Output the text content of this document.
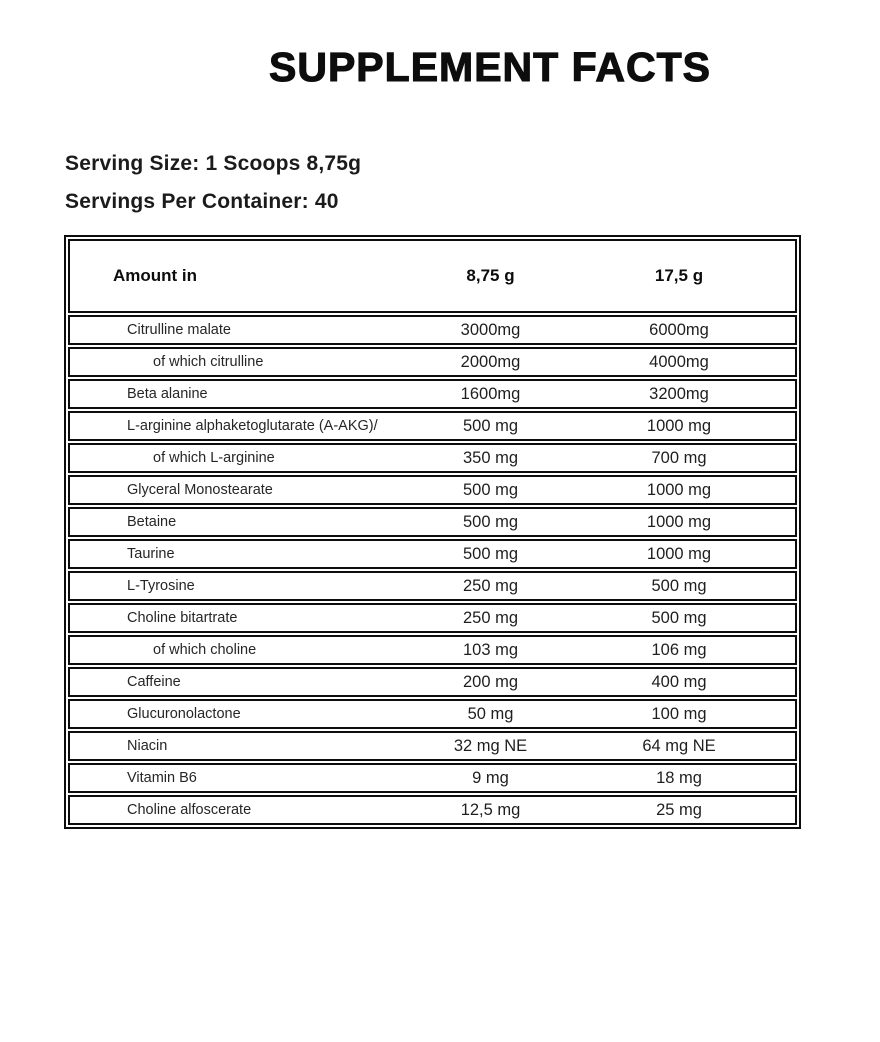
SUPPLEMENT FACTS
Serving Size: 1 Scoops 8,75g
Servings Per Container: 40
Amount in	8,75 g	17,5 g
Citrulline malate	3000mg	6000mg
of which citrulline	2000mg	4000mg
Beta alanine	1600mg	3200mg
L-arginine alphaketoglutarate (A-AKG)/	500 mg	1000 mg
of which L-arginine	350 mg	700 mg
Glyceral Monostearate	500 mg	1000 mg
Betaine	500 mg	1000 mg
Taurine	500 mg	1000 mg
L-Tyrosine	250 mg	500 mg
Choline bitartrate	250 mg	500 mg
of which choline	103 mg	106 mg
Caffeine	200 mg	400 mg
Glucuronolactone	50 mg	100 mg
Niacin	32 mg NE	64 mg NE
Vitamin B6	9 mg	18 mg
Choline alfoscerate	12,5 mg	25 mg
